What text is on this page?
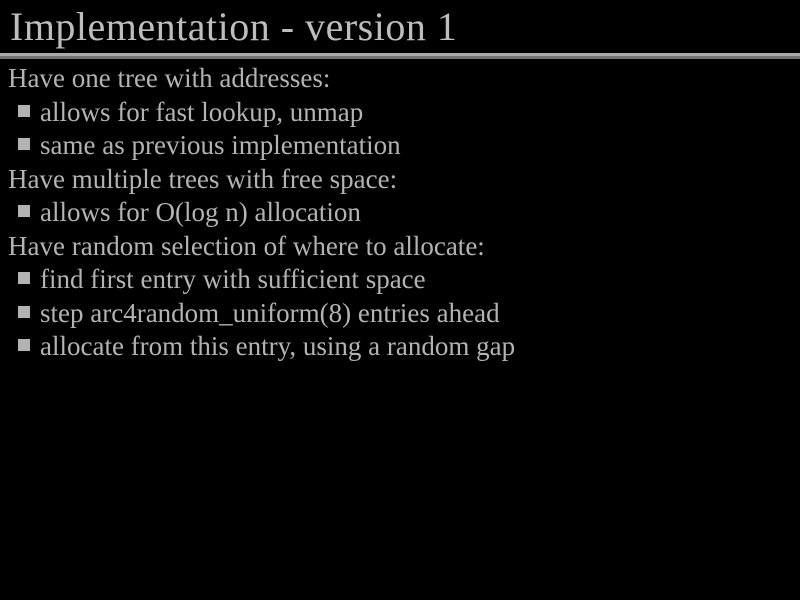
Implementation - version 1
Have one tree with addresses:
allows for fast lookup, unmap
same as previous implementation
Have multiple trees with free space:
allows for O(log n) allocation
Have random selection of where to allocate:
find first entry with sufficient space
step arc4random_uniform(8) entries ahead
allocate from this entry, using a random gap
